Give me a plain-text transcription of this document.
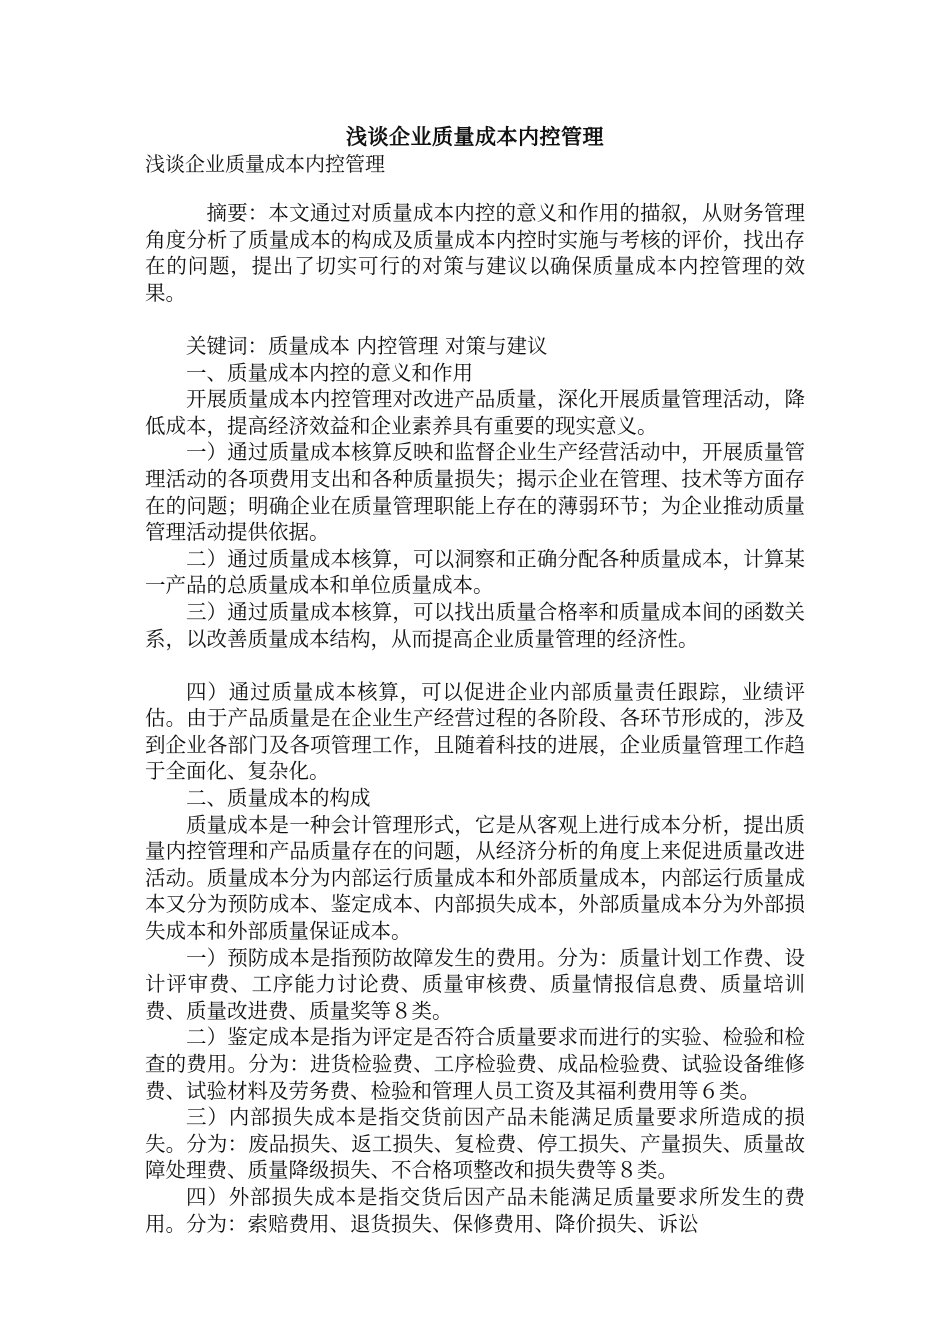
浅谈企业质量成本内控管理
浅谈企业质量成本内控管理

摘要：本文通过对质量成本内控的意义和作用的描叙，从财务管理角度分析了质量成本的构成及质量成本内控时实施与考核的评价，找出存在的问题，提出了切实可行的对策与建议以确保质量成本内控管理的效果。

关键词：质量成本 内控管理 对策与建议

一、质量成本内控的意义和作用

开展质量成本内控管理对改进产品质量，深化开展质量管理活动，降低成本，提高经济效益和企业素养具有重要的现实意义。

一）通过质量成本核算反映和监督企业生产经营活动中，开展质量管理活动的各项费用支出和各种质量损失；揭示企业在管理、技术等方面存在的问题；明确企业在质量管理职能上存在的薄弱环节；为企业推动质量管理活动提供依据。

二）通过质量成本核算，可以洞察和正确分配各种质量成本，计算某一产品的总质量成本和单位质量成本。

三）通过质量成本核算，可以找出质量合格率和质量成本间的函数关系，以改善质量成本结构，从而提高企业质量管理的经济性。

四）通过质量成本核算，可以促进企业内部质量责任跟踪，业绩评估。由于产品质量是在企业生产经营过程的各阶段、各环节形成的，涉及到企业各部门及各项管理工作，且随着科技的进展，企业质量管理工作趋于全面化、复杂化。

二、质量成本的构成

质量成本是一种会计管理形式，它是从客观上进行成本分析，提出质量内控管理和产品质量存在的问题，从经济分析的角度上来促进质量改进活动。质量成本分为内部运行质量成本和外部质量成本，内部运行质量成本又分为预防成本、鉴定成本、内部损失成本，外部质量成本分为外部损失成本和外部质量保证成本。

一）预防成本是指预防故障发生的费用。分为：质量计划工作费、设计评审费、工序能力讨论费、质量审核费、质量情报信息费、质量培训费、质量改进费、质量奖等８类。

二）鉴定成本是指为评定是否符合质量要求而进行的实验、检验和检查的费用。分为：进货检验费、工序检验费、成品检验费、试验设备维修费、试验材料及劳务费、检验和管理人员工资及其福利费用等６类。

三）内部损失成本是指交货前因产品未能满足质量要求所造成的损失。分为：废品损失、返工损失、复检费、停工损失、产量损失、质量故障处理费、质量降级损失、不合格项整改和损失费等８类。

四）外部损失成本是指交货后因产品未能满足质量要求所发生的费用。分为：索赔费用、退货损失、保修费用、降价损失、诉讼
